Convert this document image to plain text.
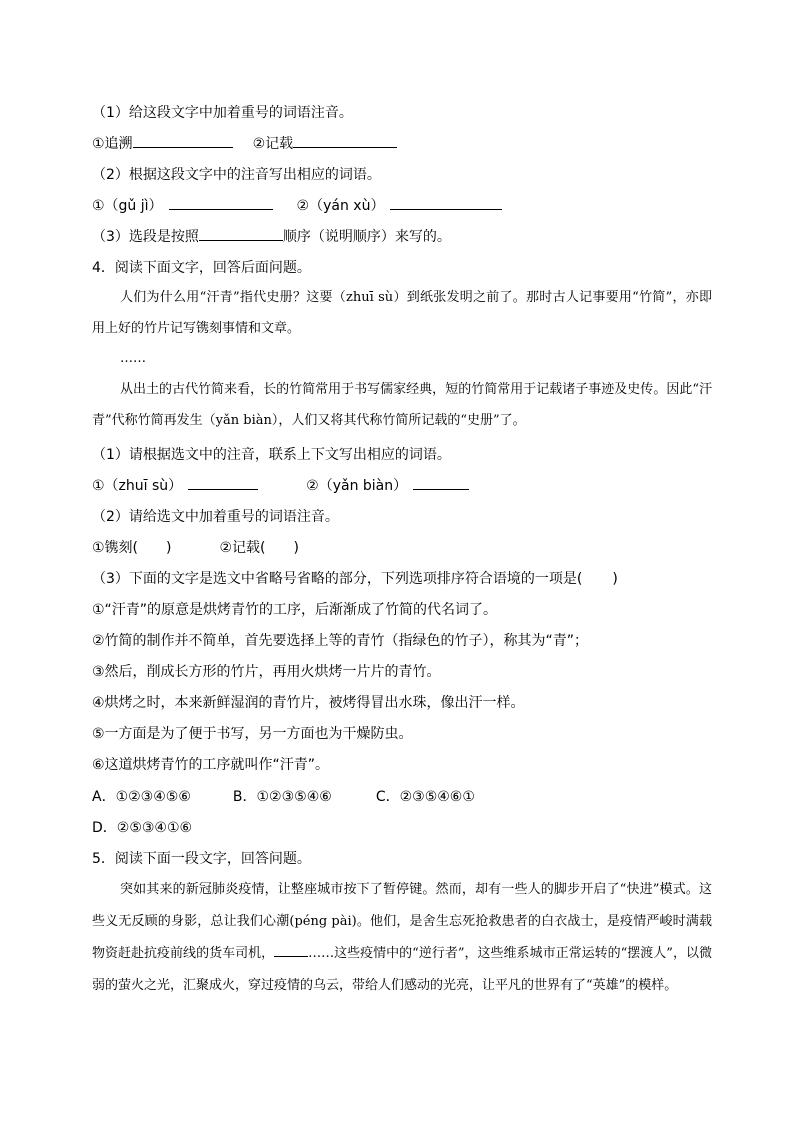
（1）给这段文字中加着重号的词语注音。
①追溯	②记载
（2）根据这段文字中的注音写出相应的词语。
①（gǔ jì）	②（yán xù）
（3）选段是按照	顺序（说明顺序）来写的。
4．阅读下面文字，回答后面问题。
人们为什么用“汗青”指代史册？这要（zhuī sù）到纸张发明之前了。那时古人记事要用“竹简”，亦即用上好的竹片记写镌刻事情和文章。
……
从出土的古代竹简来看，长的竹简常用于书写儒家经典，短的竹简常用于记载诸子事迹及史传。因此“汗青”代称竹简再发生（yǎn biàn），人们又将其代称竹简所记载的“史册”了。
（1）请根据选文中的注音，联系上下文写出相应的词语。
①（zhuī sù）	②（yǎn biàn）
（2）请给选文中加着重号的词语注音。
①镌刻( )	②记载( )
（3）下面的文字是选文中省略号省略的部分，下列选项排序符合语境的一项是( )
①“汗青”的原意是烘烤青竹的工序，后渐渐成了竹简的代名词了。
②竹简的制作并不简单，首先要选择上等的青竹（指绿色的竹子），称其为“青”；
③然后，削成长方形的竹片，再用火烘烤一片片的青竹。
④烘烤之时，本来新鲜湿润的青竹片，被烤得冒出水珠，像出汗一样。
⑤一方面是为了便于书写，另一方面也为干燥防虫。
⑥这道烘烤青竹的工序就叫作“汗青”。
A．①②③④⑤⑥	B．①②③⑤④⑥	C．②③⑤④⑥①
D．②⑤③④①⑥
5．阅读下面一段文字，回答问题。
突如其来的新冠肺炎疫情，让整座城市按下了暂停键。然而，却有一些人的脚步开启了“快进”模式。这些义无反顾的身影，总让我们心潮(péng pài)。他们，是舍生忘死抢救患者的白衣战士，是疫情严峻时满载物资赶赴抗疫前线的货车司机，	……这些疫情中的“逆行者”，这些维系城市正常运转的“摆渡人”，以微弱的萤火之光，汇聚成火，穿过疫情的乌云，带给人们感动的光亮，让平凡的世界有了“英雄”的模样。
